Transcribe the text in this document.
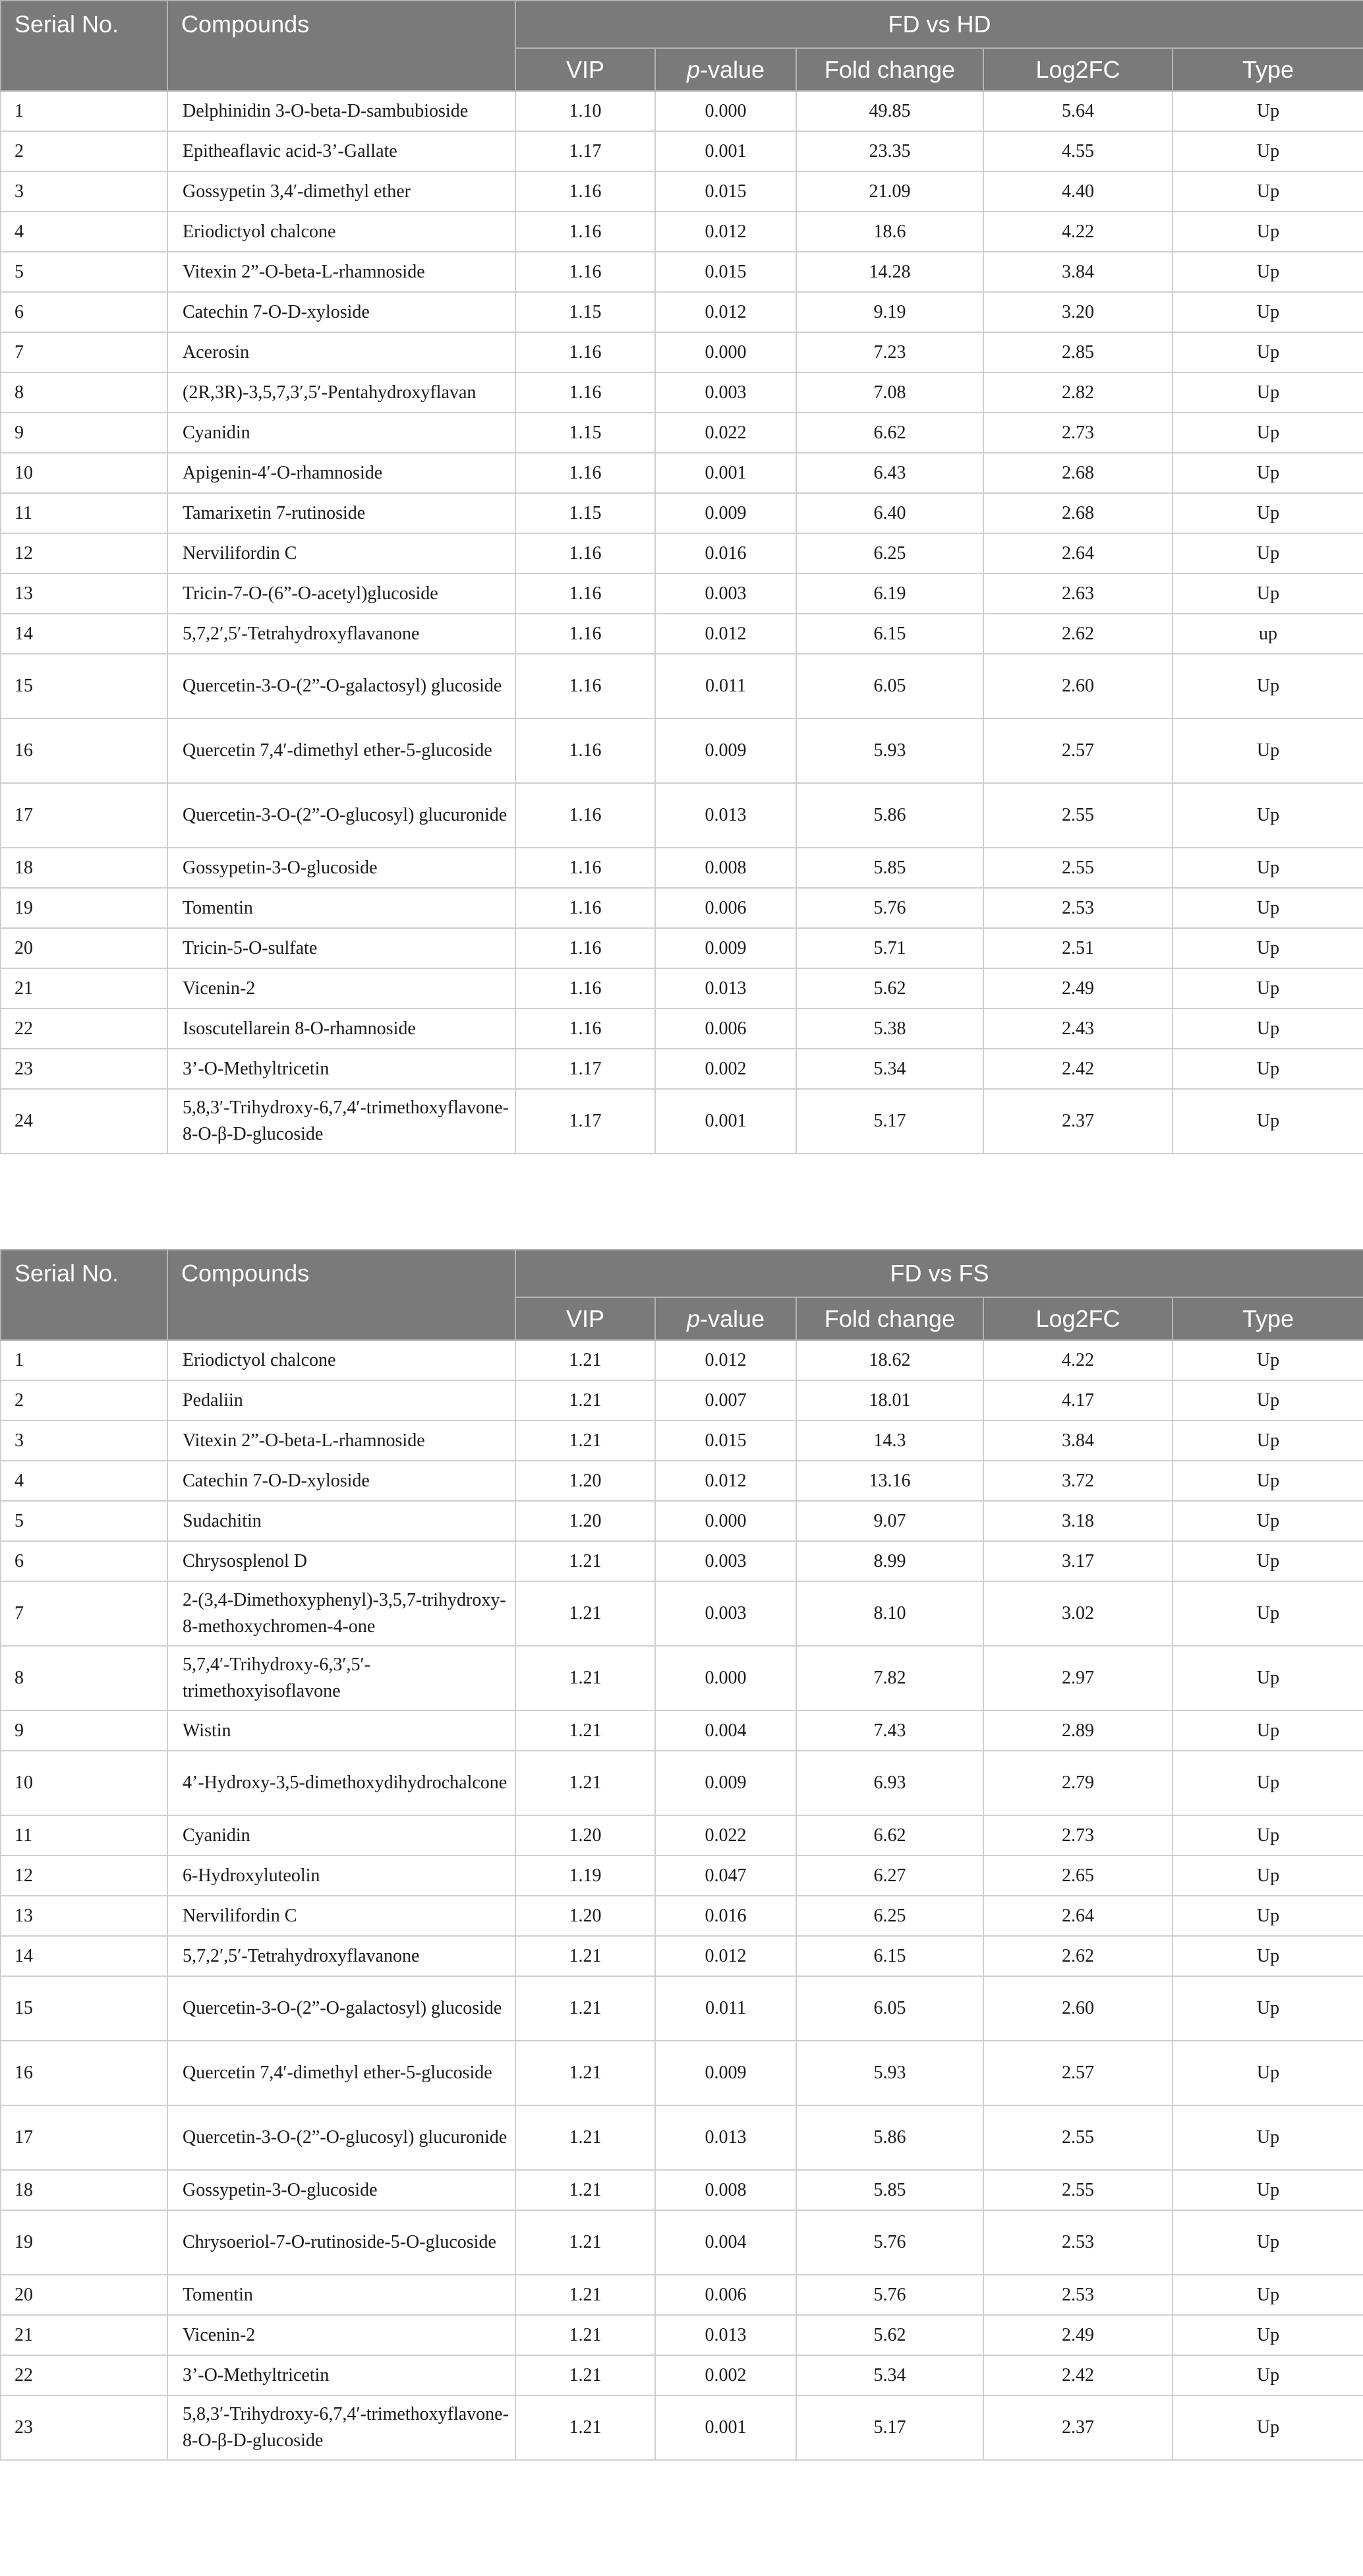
Serial No.	Compounds	FD vs HD				
		VIP	p-value	Fold change	Log2FC	Type
1	Delphinidin 3-O-beta-D-sambubioside	1.10	0.000	49.85	5.64	Up
2	Epitheaflavic acid-3’-Gallate	1.17	0.001	23.35	4.55	Up
3	Gossypetin 3,4′-dimethyl ether	1.16	0.015	21.09	4.40	Up
4	Eriodictyol chalcone	1.16	0.012	18.6	4.22	Up
5	Vitexin 2”-O-beta-L-rhamnoside	1.16	0.015	14.28	3.84	Up
6	Catechin 7-O-D-xyloside	1.15	0.012	9.19	3.20	Up
7	Acerosin	1.16	0.000	7.23	2.85	Up
8	(2R,3R)-3,5,7,3′,5′-Pentahydroxyflavan	1.16	0.003	7.08	2.82	Up
9	Cyanidin	1.15	0.022	6.62	2.73	Up
10	Apigenin-4′-O-rhamnoside	1.16	0.001	6.43	2.68	Up
11	Tamarixetin 7-rutinoside	1.15	0.009	6.40	2.68	Up
12	Nervilifordin C	1.16	0.016	6.25	2.64	Up
13	Tricin-7-O-(6”-O-acetyl)glucoside	1.16	0.003	6.19	2.63	Up
14	5,7,2′,5′-Tetrahydroxyflavanone	1.16	0.012	6.15	2.62	up
15	Quercetin-3-O-(2”-O-galactosyl) glucoside	1.16	0.011	6.05	2.60	Up
16	Quercetin 7,4′-dimethyl ether-5-glucoside	1.16	0.009	5.93	2.57	Up
17	Quercetin-3-O-(2”-O-glucosyl) glucuronide	1.16	0.013	5.86	2.55	Up
18	Gossypetin-3-O-glucoside	1.16	0.008	5.85	2.55	Up
19	Tomentin	1.16	0.006	5.76	2.53	Up
20	Tricin-5-O-sulfate	1.16	0.009	5.71	2.51	Up
21	Vicenin-2	1.16	0.013	5.62	2.49	Up
22	Isoscutellarein 8-O-rhamnoside	1.16	0.006	5.38	2.43	Up
23	3’-O-Methyltricetin	1.17	0.002	5.34	2.42	Up
24	5,8,3′-Trihydroxy-6,7,4′-trimethoxyflavone-8-O-β-D-glucoside	1.17	0.001	5.17	2.37	Up
Serial No.	Compounds	FD vs FS				
		VIP	p-value	Fold change	Log2FC	Type
1	Eriodictyol chalcone	1.21	0.012	18.62	4.22	Up
2	Pedaliin	1.21	0.007	18.01	4.17	Up
3	Vitexin 2”-O-beta-L-rhamnoside	1.21	0.015	14.3	3.84	Up
4	Catechin 7-O-D-xyloside	1.20	0.012	13.16	3.72	Up
5	Sudachitin	1.20	0.000	9.07	3.18	Up
6	Chrysosplenol D	1.21	0.003	8.99	3.17	Up
7	2-(3,4-Dimethoxyphenyl)-3,5,7-trihydroxy-8-methoxychromen-4-one	1.21	0.003	8.10	3.02	Up
8	5,7,4′-Trihydroxy-6,3′,5′-trimethoxyisoflavone	1.21	0.000	7.82	2.97	Up
9	Wistin	1.21	0.004	7.43	2.89	Up
10	4’-Hydroxy-3,5-dimethoxydihydrochalcone	1.21	0.009	6.93	2.79	Up
11	Cyanidin	1.20	0.022	6.62	2.73	Up
12	6-Hydroxyluteolin	1.19	0.047	6.27	2.65	Up
13	Nervilifordin C	1.20	0.016	6.25	2.64	Up
14	5,7,2′,5′-Tetrahydroxyflavanone	1.21	0.012	6.15	2.62	Up
15	Quercetin-3-O-(2”-O-galactosyl) glucoside	1.21	0.011	6.05	2.60	Up
16	Quercetin 7,4′-dimethyl ether-5-glucoside	1.21	0.009	5.93	2.57	Up
17	Quercetin-3-O-(2”-O-glucosyl) glucuronide	1.21	0.013	5.86	2.55	Up
18	Gossypetin-3-O-glucoside	1.21	0.008	5.85	2.55	Up
19	Chrysoeriol-7-O-rutinoside-5-O-glucoside	1.21	0.004	5.76	2.53	Up
20	Tomentin	1.21	0.006	5.76	2.53	Up
21	Vicenin-2	1.21	0.013	5.62	2.49	Up
22	3’-O-Methyltricetin	1.21	0.002	5.34	2.42	Up
23	5,8,3′-Trihydroxy-6,7,4′-trimethoxyflavone-8-O-β-D-glucoside	1.21	0.001	5.17	2.37	Up
